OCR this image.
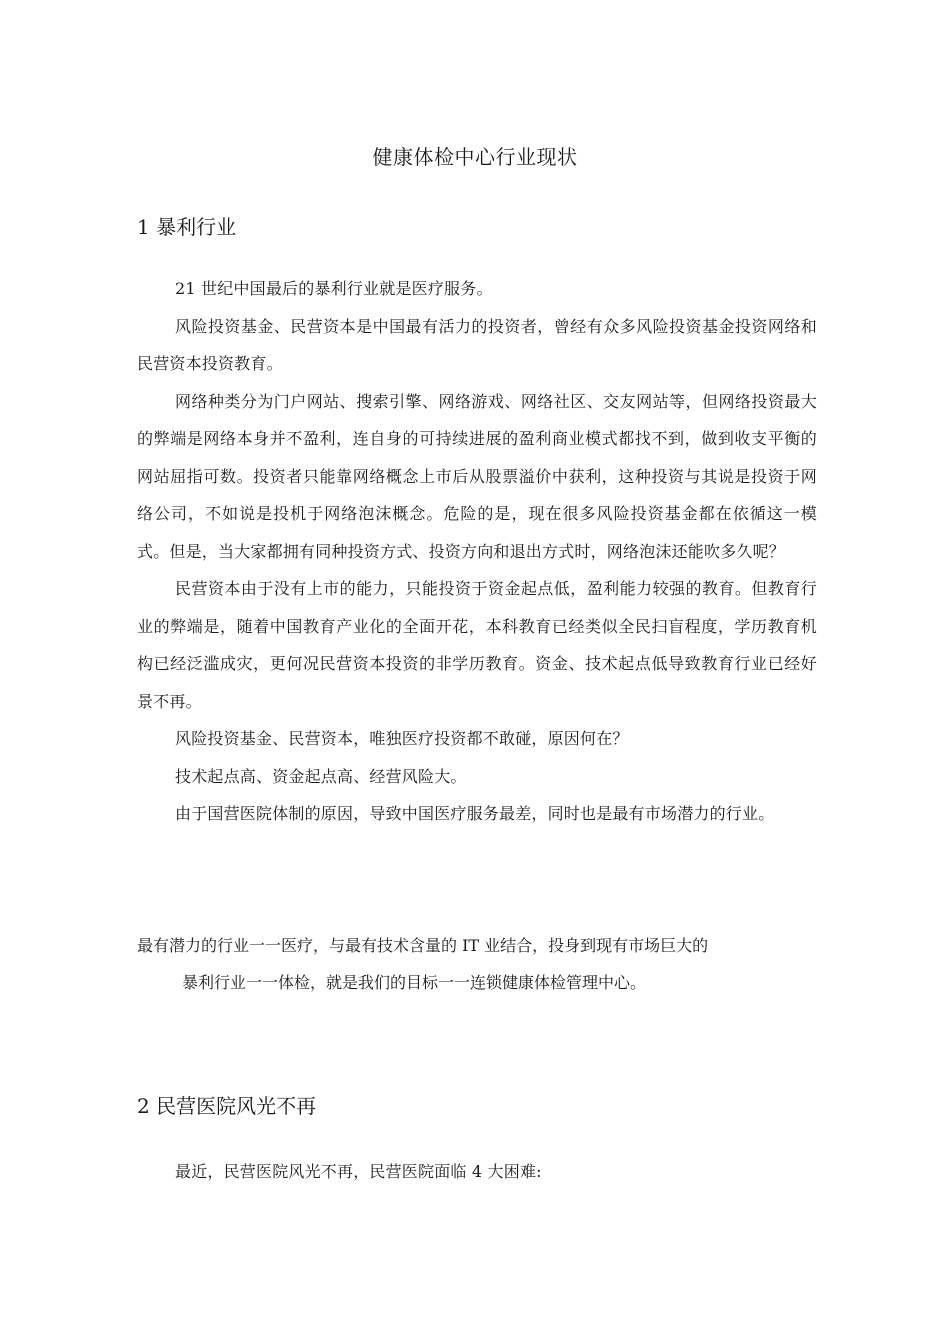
健康体检中心行业现状
1 暴利行业

21 世纪中国最后的暴利行业就是医疗服务。

风险投资基金、民营资本是中国最有活力的投资者，曾经有众多风险投资基金投资网络和民营资本投资教育。

网络种类分为门户网站、搜索引擎、网络游戏、网络社区、交友网站等，但网络投资最大的弊端是网络本身并不盈利，连自身的可持续进展的盈利商业模式都找不到，做到收支平衡的网站屈指可数。投资者只能靠网络概念上市后从股票溢价中获利，这种投资与其说是投资于网络公司，不如说是投机于网络泡沫概念。危险的是，现在很多风险投资基金都在依循这一模式。但是，当大家都拥有同种投资方式、投资方向和退出方式时，网络泡沫还能吹多久呢？

民营资本由于没有上市的能力，只能投资于资金起点低，盈利能力较强的教育。但教育行业的弊端是，随着中国教育产业化的全面开花，本科教育已经类似全民扫盲程度，学历教育机构已经泛滥成灾，更何况民营资本投资的非学历教育。资金、技术起点低导致教育行业已经好景不再。

风险投资基金、民营资本，唯独医疗投资都不敢碰，原因何在？

技术起点高、资金起点高、经营风险大。

由于国营医院体制的原因，导致中国医疗服务最差，同时也是最有市场潜力的行业。

最有潜力的行业一一医疗，与最有技术含量的 IT 业结合，投身到现有市场巨大的
暴利行业一一体检，就是我们的目标一一连锁健康体检管理中心。
2 民营医院风光不再

最近，民营医院风光不再，民营医院面临 4 大困难:
